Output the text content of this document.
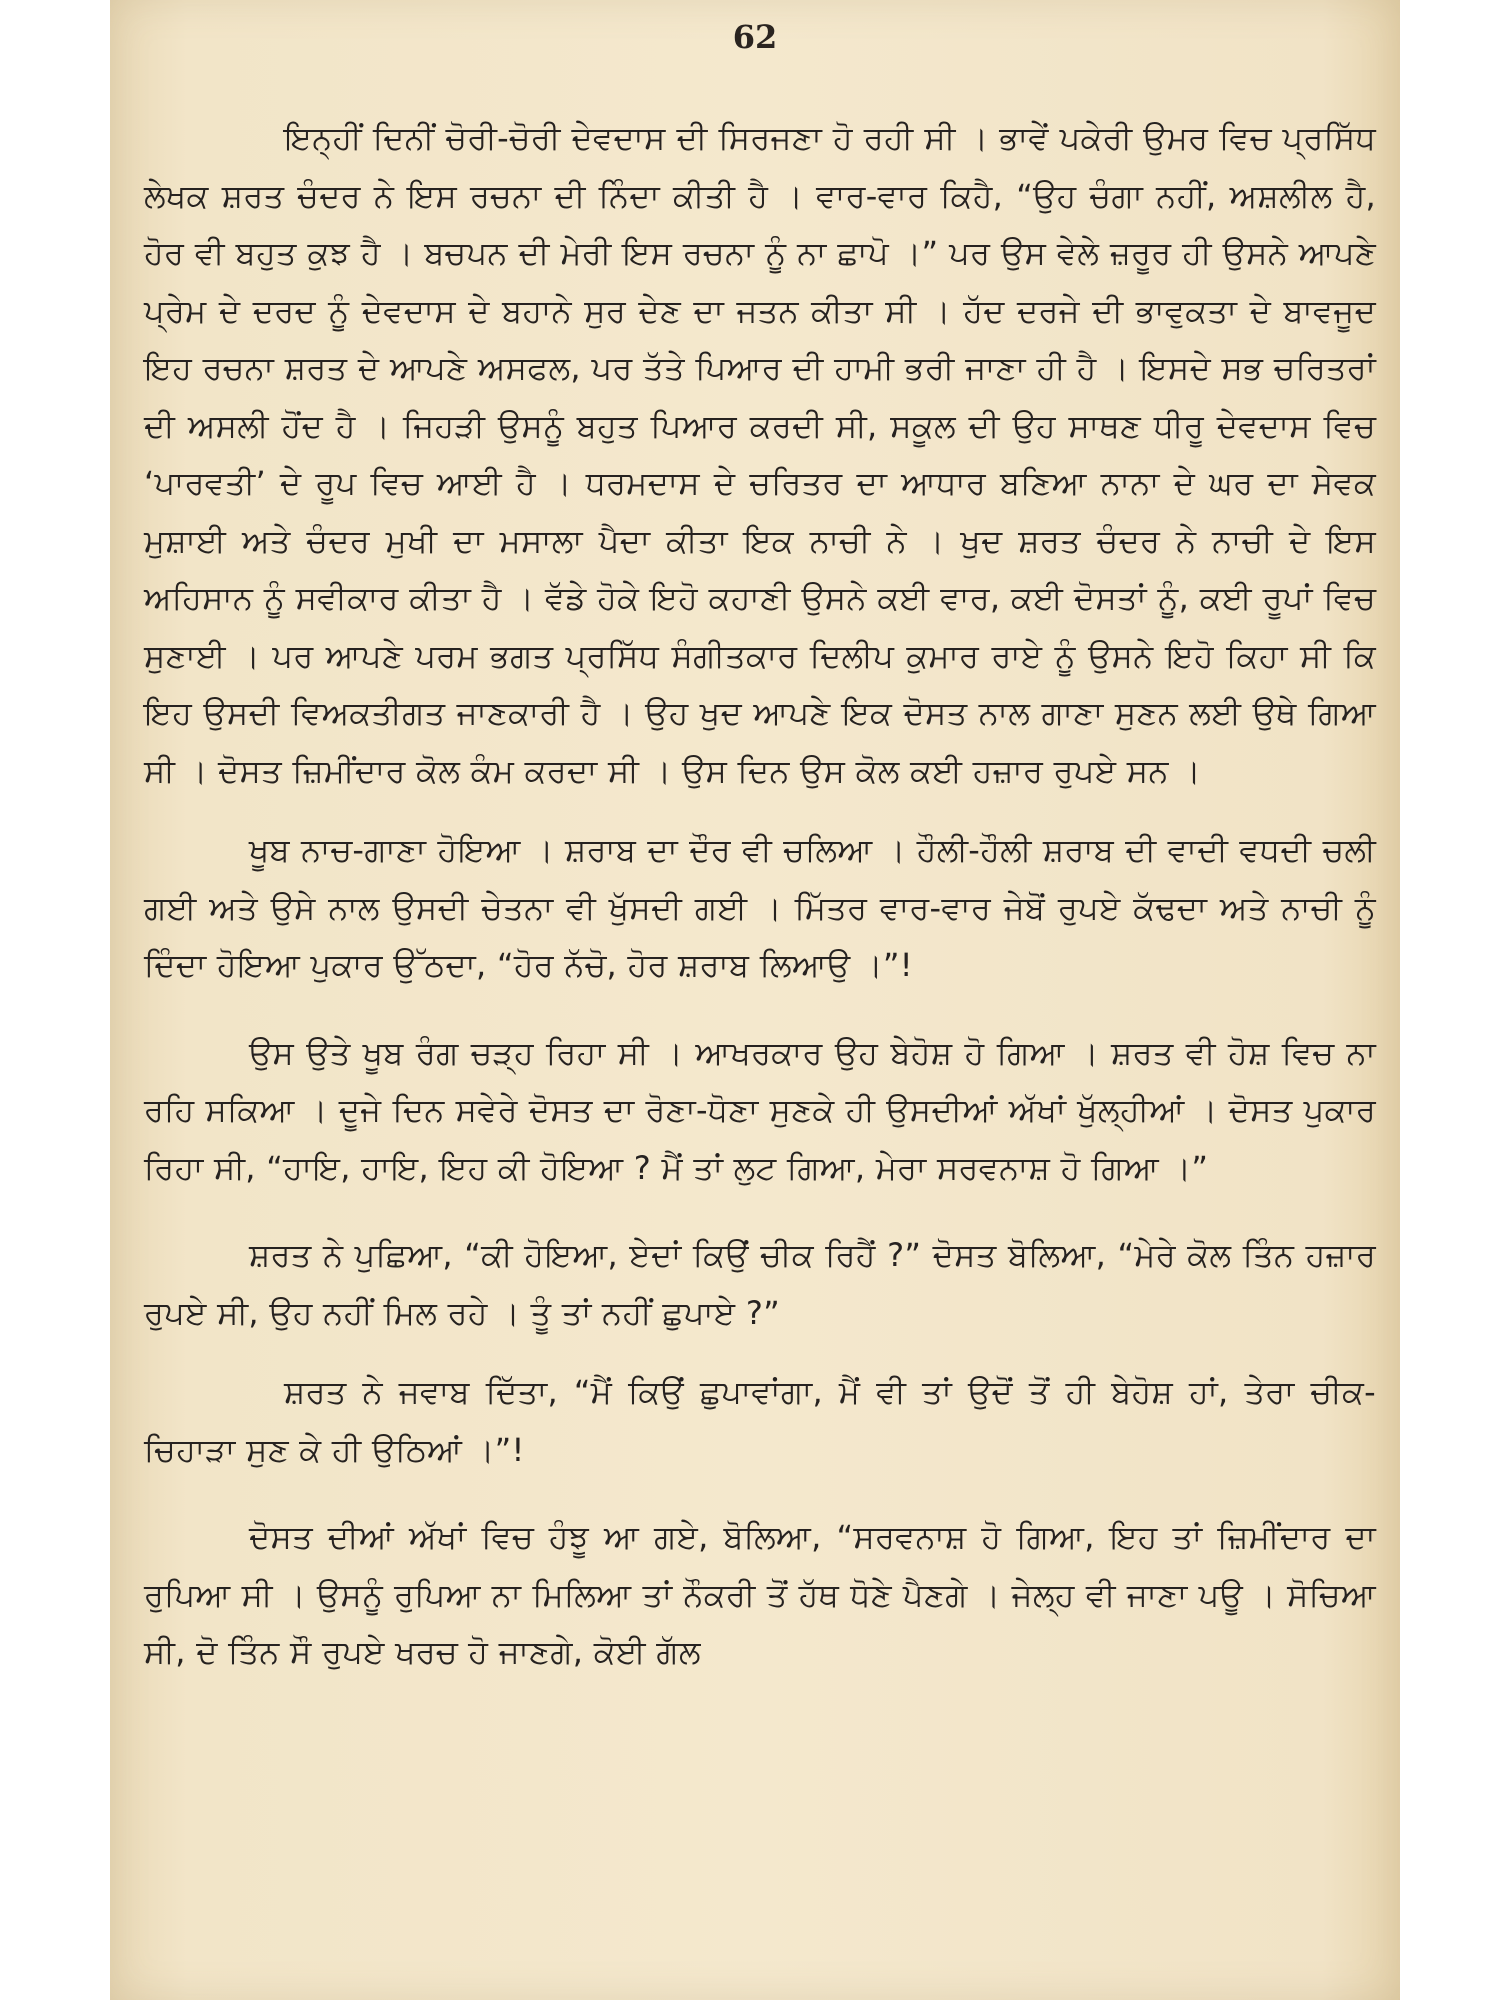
62

ਇਨ੍ਹੀਂ ਦਿਨੀਂ ਚੋਰੀ-ਚੋਰੀ ਦੇਵਦਾਸ ਦੀ ਸਿਰਜਣਾ ਹੋ ਰਹੀ ਸੀ । ਭਾਵੇਂ ਪਕੇਰੀ ਉਮਰ ਵਿਚ ਪ੍ਰਸਿੱਧ ਲੇਖਕ ਸ਼ਰਤ ਚੰਦਰ ਨੇ ਇਸ ਰਚਨਾ ਦੀ ਨਿੰਦਾ ਕੀਤੀ ਹੈ । ਵਾਰ-ਵਾਰ ਕਿਹੈ, “ਉਹ ਚੰਗਾ ਨਹੀਂ, ਅਸ਼ਲੀਲ ਹੈ, ਹੋਰ ਵੀ ਬਹੁਤ ਕੁਝ ਹੈ । ਬਚਪਨ ਦੀ ਮੇਰੀ ਇਸ ਰਚਨਾ ਨੂੰ ਨਾ ਛਾਪੋ ।” ਪਰ ਉਸ ਵੇਲੇ ਜ਼ਰੂਰ ਹੀ ਉਸਨੇ ਆਪਣੇ ਪ੍ਰੇਮ ਦੇ ਦਰਦ ਨੂੰ ਦੇਵਦਾਸ ਦੇ ਬਹਾਨੇ ਸੁਰ ਦੇਣ ਦਾ ਜਤਨ ਕੀਤਾ ਸੀ । ਹੱਦ ਦਰਜੇ ਦੀ ਭਾਵੁਕਤਾ ਦੇ ਬਾਵਜੂਦ ਇਹ ਰਚਨਾ ਸ਼ਰਤ ਦੇ ਆਪਣੇ ਅਸਫਲ, ਪਰ ਤੱਤੇ ਪਿਆਰ ਦੀ ਹਾਮੀ ਭਰੀ ਜਾਣਾ ਹੀ ਹੈ । ਇਸਦੇ ਸਭ ਚਰਿਤਰਾਂ ਦੀ ਅਸਲੀ ਹੋਂਦ ਹੈ । ਜਿਹੜੀ ਉਸਨੂੰ ਬਹੁਤ ਪਿਆਰ ਕਰਦੀ ਸੀ, ਸਕੂਲ ਦੀ ਉਹ ਸਾਥਣ ਧੀਰੂ ਦੇਵਦਾਸ ਵਿਚ ‘ਪਾਰਵਤੀ’ ਦੇ ਰੂਪ ਵਿਚ ਆਈ ਹੈ । ਧਰਮਦਾਸ ਦੇ ਚਰਿਤਰ ਦਾ ਆਧਾਰ ਬਣਿਆ ਨਾਨਾ ਦੇ ਘਰ ਦਾ ਸੇਵਕ ਮੁਸ਼ਾਈ ਅਤੇ ਚੰਦਰ ਮੁਖੀ ਦਾ ਮਸਾਲਾ ਪੈਦਾ ਕੀਤਾ ਇਕ ਨਾਚੀ ਨੇ । ਖੁਦ ਸ਼ਰਤ ਚੰਦਰ ਨੇ ਨਾਚੀ ਦੇ ਇਸ ਅਹਿਸਾਨ ਨੂੰ ਸਵੀਕਾਰ ਕੀਤਾ ਹੈ । ਵੱਡੇ ਹੋਕੇ ਇਹੋ ਕਹਾਣੀ ਉਸਨੇ ਕਈ ਵਾਰ, ਕਈ ਦੋਸਤਾਂ ਨੂੰ, ਕਈ ਰੂਪਾਂ ਵਿਚ ਸੁਣਾਈ । ਪਰ ਆਪਣੇ ਪਰਮ ਭਗਤ ਪ੍ਰਸਿੱਧ ਸੰਗੀਤਕਾਰ ਦਿਲੀਪ ਕੁਮਾਰ ਰਾਏ ਨੂੰ ਉਸਨੇ ਇਹੋ ਕਿਹਾ ਸੀ ਕਿ ਇਹ ਉਸਦੀ ਵਿਅਕਤੀਗਤ ਜਾਣਕਾਰੀ ਹੈ । ਉਹ ਖੁਦ ਆਪਣੇ ਇਕ ਦੋਸਤ ਨਾਲ ਗਾਣਾ ਸੁਣਨ ਲਈ ਉਥੇ ਗਿਆ ਸੀ । ਦੋਸਤ ਜ਼ਿਮੀਂਦਾਰ ਕੋਲ ਕੰਮ ਕਰਦਾ ਸੀ । ਉਸ ਦਿਨ ਉਸ ਕੋਲ ਕਈ ਹਜ਼ਾਰ ਰੁਪਏ ਸਨ ।

ਖੂਬ ਨਾਚ-ਗਾਣਾ ਹੋਇਆ । ਸ਼ਰਾਬ ਦਾ ਦੌਰ ਵੀ ਚਲਿਆ । ਹੌਲੀ-ਹੌਲੀ ਸ਼ਰਾਬ ਦੀ ਵਾਦੀ ਵਧਦੀ ਚਲੀ ਗਈ ਅਤੇ ਉਸੇ ਨਾਲ ਉਸਦੀ ਚੇਤਨਾ ਵੀ ਖੁੱਸਦੀ ਗਈ । ਮਿੱਤਰ ਵਾਰ-ਵਾਰ ਜੇਬੋਂ ਰੁਪਏ ਕੱਢਦਾ ਅਤੇ ਨਾਚੀ ਨੂੰ ਦਿੰਦਾ ਹੋਇਆ ਪੁਕਾਰ ਉੱਠਦਾ, “ਹੋਰ ਨੱਚੋ, ਹੋਰ ਸ਼ਰਾਬ ਲਿਆਉ ।”!

ਉਸ ਉਤੇ ਖੂਬ ਰੰਗ ਚੜ੍ਹ ਰਿਹਾ ਸੀ । ਆਖਰਕਾਰ ਉਹ ਬੇਹੋਸ਼ ਹੋ ਗਿਆ । ਸ਼ਰਤ ਵੀ ਹੋਸ਼ ਵਿਚ ਨਾ ਰਹਿ ਸਕਿਆ । ਦੂਜੇ ਦਿਨ ਸਵੇਰੇ ਦੋਸਤ ਦਾ ਰੋਣਾ-ਧੋਣਾ ਸੁਣਕੇ ਹੀ ਉਸਦੀਆਂ ਅੱਖਾਂ ਖੁੱਲ੍ਹੀਆਂ । ਦੋਸਤ ਪੁਕਾਰ ਰਿਹਾ ਸੀ, “ਹਾਇ, ਹਾਇ, ਇਹ ਕੀ ਹੋਇਆ ? ਮੈਂ ਤਾਂ ਲੁਟ ਗਿਆ, ਮੇਰਾ ਸਰਵਨਾਸ਼ ਹੋ ਗਿਆ ।”

ਸ਼ਰਤ ਨੇ ਪੁਛਿਆ, “ਕੀ ਹੋਇਆ, ਏਦਾਂ ਕਿਉਂ ਚੀਕ ਰਿਹੈਂ ?” ਦੋਸਤ ਬੋਲਿਆ, “ਮੇਰੇ ਕੋਲ ਤਿੰਨ ਹਜ਼ਾਰ ਰੁਪਏ ਸੀ, ਉਹ ਨਹੀਂ ਮਿਲ ਰਹੇ । ਤੂੰ ਤਾਂ ਨਹੀਂ ਛੁਪਾਏ ?”

ਸ਼ਰਤ ਨੇ ਜਵਾਬ ਦਿੱਤਾ, “ਮੈਂ ਕਿਉਂ ਛੁਪਾਵਾਂਗਾ, ਮੈਂ ਵੀ ਤਾਂ ਉਦੋਂ ਤੋਂ ਹੀ ਬੇਹੋਸ਼ ਹਾਂ, ਤੇਰਾ ਚੀਕ-ਚਿਹਾੜਾ ਸੁਣ ਕੇ ਹੀ ਉਠਿਆਂ ।”!

ਦੋਸਤ ਦੀਆਂ ਅੱਖਾਂ ਵਿਚ ਹੰਝੂ ਆ ਗਏ, ਬੋਲਿਆ, “ਸਰਵਨਾਸ਼ ਹੋ ਗਿਆ, ਇਹ ਤਾਂ ਜ਼ਿਮੀਂਦਾਰ ਦਾ ਰੁਪਿਆ ਸੀ । ਉਸਨੂੰ ਰੁਪਿਆ ਨਾ ਮਿਲਿਆ ਤਾਂ ਨੌਕਰੀ ਤੋਂ ਹੱਥ ਧੋਣੇ ਪੈਣਗੇ । ਜੇਲ੍ਹ ਵੀ ਜਾਣਾ ਪਊ । ਸੋਚਿਆ ਸੀ, ਦੋ ਤਿੰਨ ਸੌ ਰੁਪਏ ਖਰਚ ਹੋ ਜਾਣਗੇ, ਕੋਈ ਗੱਲ
